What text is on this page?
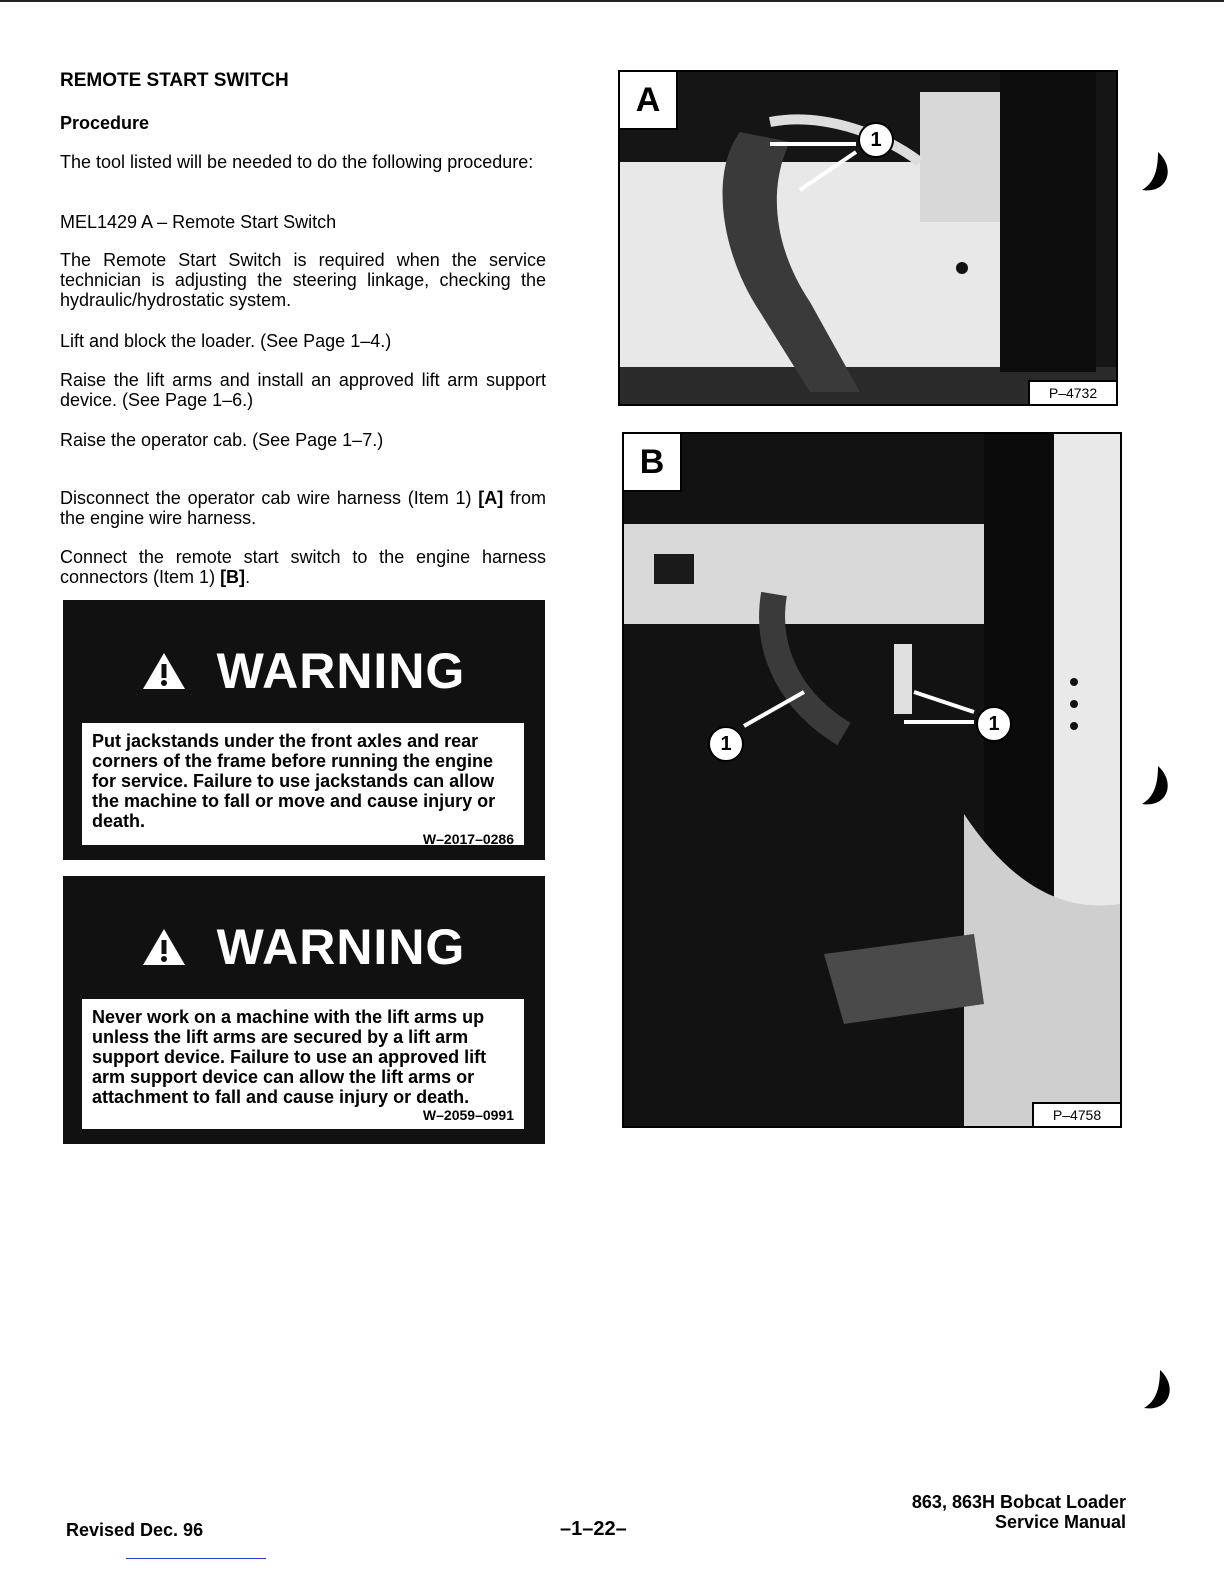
REMOTE START SWITCH
Procedure
The tool listed will be needed to do the following procedure:
MEL1429 A – Remote Start Switch
The Remote Start Switch is required when the service technician is adjusting the steering linkage, checking the hydraulic/hydrostatic system.
Lift and block the loader. (See Page 1–4.)
Raise the lift arms and install an approved lift arm support device. (See Page 1–6.)
Raise the operator cab. (See Page 1–7.)
Disconnect the operator cab wire harness (Item 1) [A] from the engine wire harness.
Connect the remote start switch to the engine harness connectors (Item 1) [B].
WARNING
Put jackstands under the front axles and rear corners of the frame before running the engine for service. Failure to use jackstands can allow the machine to fall or move and cause injury or death.
W–2017–0286
WARNING
Never work on a machine with the lift arms up unless the lift arms are secured by a lift arm support device. Failure to use an approved lift arm support device can allow the lift arms or attachment to fall and cause injury or death.
W–2059–0991
A
1
P–4732
B
1
1
P–4758
Revised Dec. 96	–1–22–
863, 863H Bobcat Loader
Service Manual
